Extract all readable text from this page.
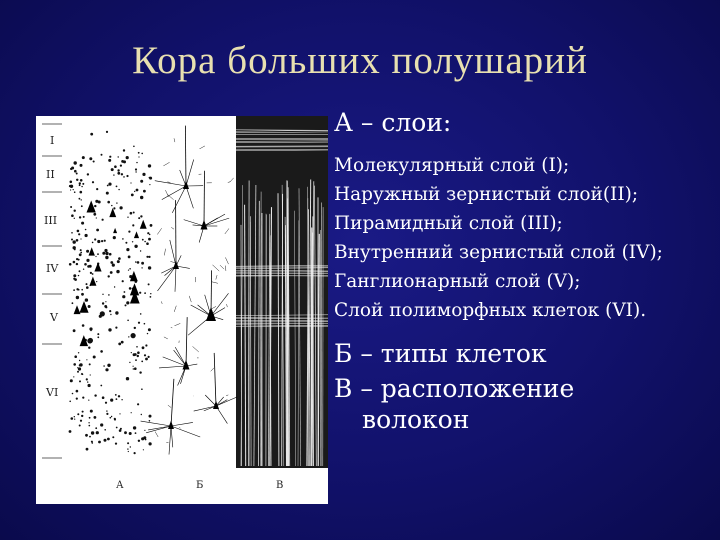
Кора больших полушарий
I
II
III
IV
V
VI
А	Б	В
А – слои:
Молекулярный слой (I);
Наружный зернистый слой(II);
Пирамидный слой (III);
Внутренний зернистый слой (IV);
Ганглионарный слой (V);
Слой полиморфных клеток (VI).
Б – типы клеток
В – расположение
волокон
